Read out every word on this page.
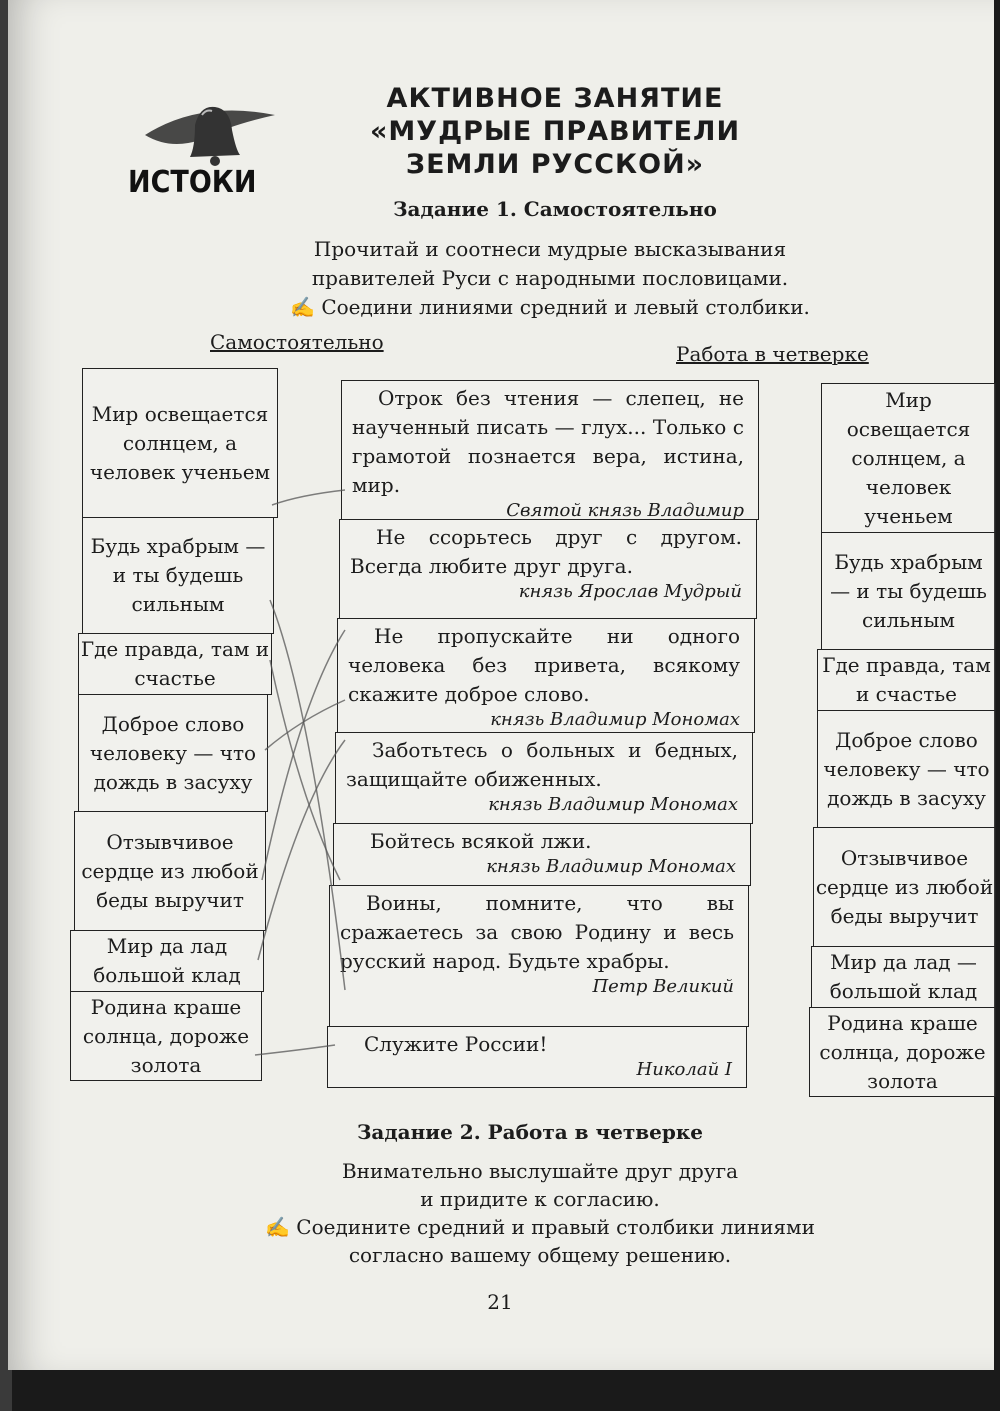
ИСТОКИ
АКТИВНОЕ ЗАНЯТИЕ
«МУДРЫЕ ПРАВИТЕЛИ
ЗЕМЛИ РУССКОЙ»
Задание 1. Самостоятельно
Прочитай и соотнеси мудрые высказывания
правителей Руси с народными пословицами.
✍ Соедини линиями средний и левый столбики.
Самостоятельно	Работа в четверке
Мир освещается солнцем, а человек ученьем
Будь храбрым — и ты будешь сильным
Где правда, там и счастье
Доброе слово человеку — что дождь в засуху
Отзывчивое сердце из любой беды выручит
Мир да лад большой клад
Родина краше солнца, дороже золота
Отрок без чтения — слепец, не наученный писать — глух... Только с грамотой познается вера, истина, мир.
Святой князь Владимир
Не ссорьтесь друг с другом. Всегда любите друг друга.
князь Ярослав Мудрый
Не пропускайте ни одного человека без привета, всякому скажите доброе слово.
князь Владимир Мономах
Заботьтесь о больных и бедных, защищайте обиженных.
князь Владимир Мономах
Бойтесь всякой лжи.
князь Владимир Мономах
Воины, помните, что вы сражаетесь за свою Родину и весь русский народ. Будьте храбры.
Петр Великий
Служите России!
Николай I
Мир освещается солнцем, а человек ученьем
Будь храбрым — и ты будешь сильным
Где правда, там и счастье
Доброе слово человеку — что дождь в засуху
Отзывчивое сердце из любой беды выручит
Мир да лад — большой клад
Родина краше солнца, дороже золота
Задание 2. Работа в четверке
Внимательно выслушайте друг друга
и придите к согласию.
✍ Соедините средний и правый столбики линиями
согласно вашему общему решению.
21
